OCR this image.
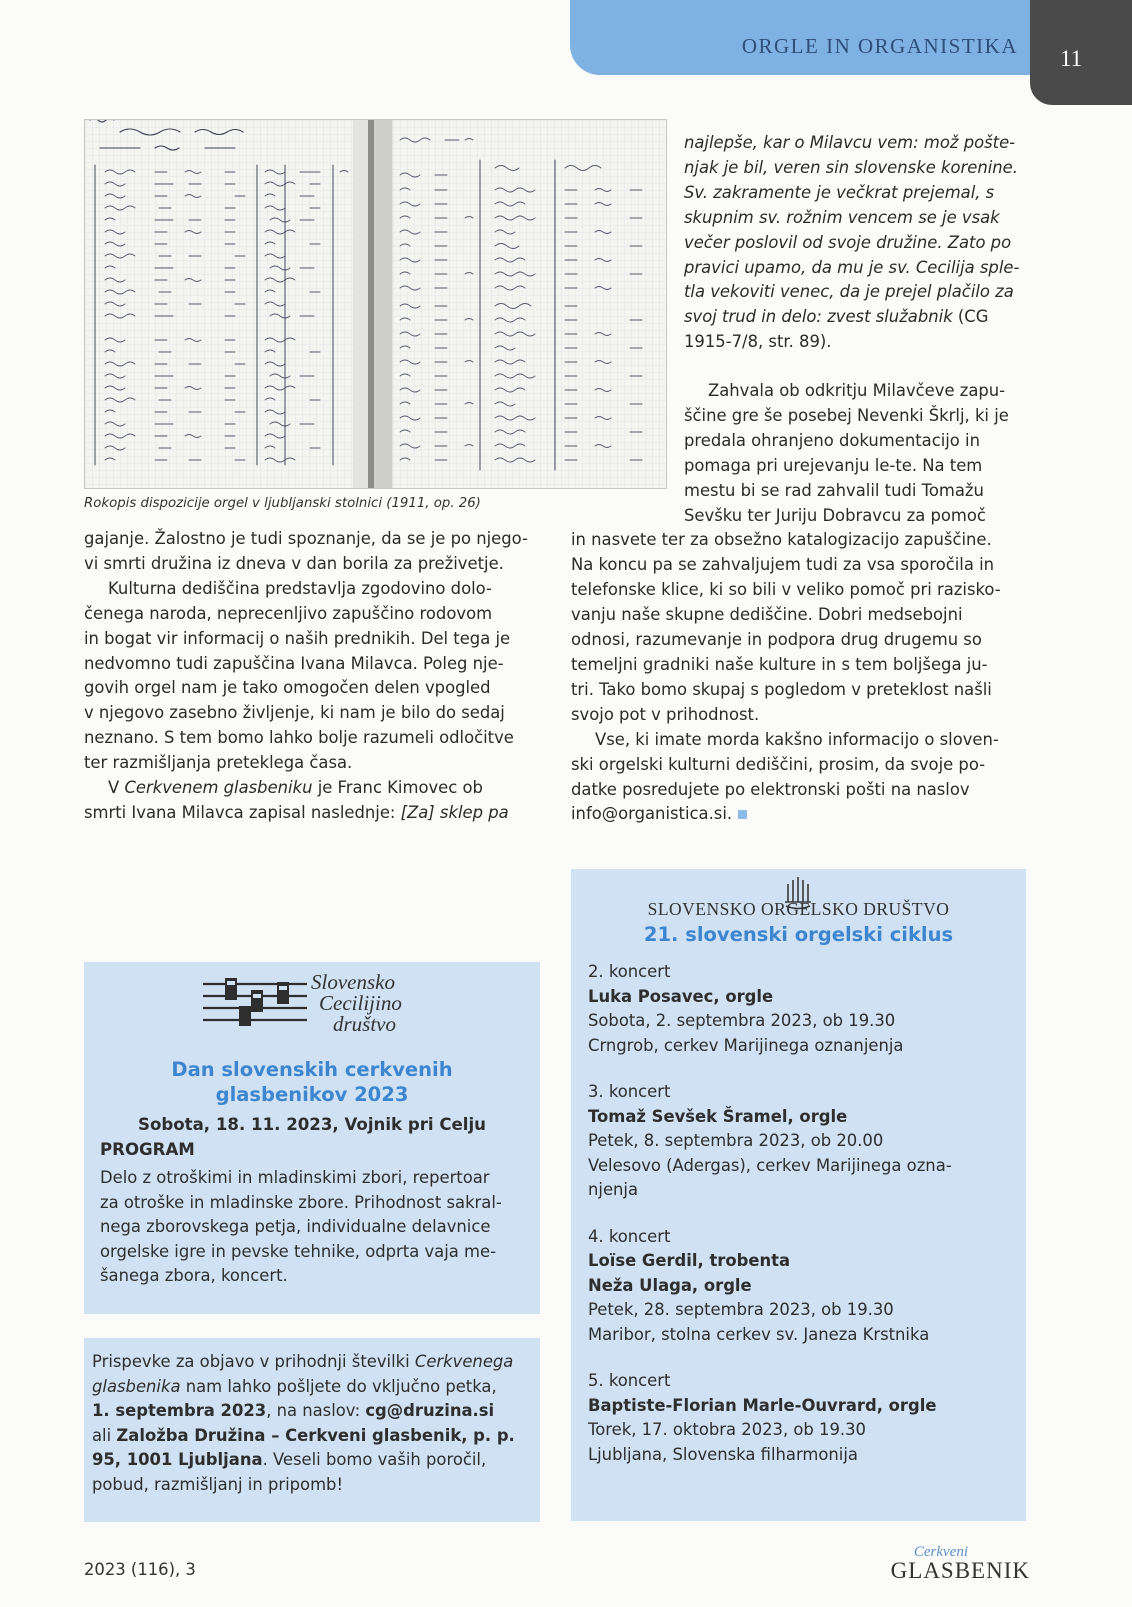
ORGLE IN ORGANISTIKA 11
Rokopis dispozicije orgel v ljubljanski stolnici (1911, op. 26)
najlepše, kar o Milavcu vem: mož pošte-
njak je bil, veren sin slovenske korenine.
Sv. zakramente je večkrat prejemal, s
skupnim sv. rožnim vencem se je vsak
večer poslovil od svoje družine. Zato po
pravici upamo, da mu je sv. Cecilija sple-
tla vekoviti venec, da je prejel plačilo za
svoj trud in delo: zvest služabnik (CG 1915-7/8, str. 89).
Zahvala ob odkritju Milavčeve zapu-
ščine gre še posebej Nevenki Škrlj, ki je
predala ohranjeno dokumentacijo in
pomaga pri urejevanju le-te. Na tem
mestu bi se rad zahvalil tudi Tomažu
Sevšku ter Juriju Dobravcu za pomoč
in nasvete ter za obsežno katalogizacijo zapuščine.
Na koncu pa se zahvaljujem tudi za vsa sporočila in
telefonske klice, ki so bili v veliko pomoč pri razisko-
vanju naše skupne dediščine. Dobri medsebojni
odnosi, razumevanje in podpora drug drugemu so
temeljni gradniki naše kulture in s tem boljšega ju-
tri. Tako bomo skupaj s pogledom v preteklost našli
svojo pot v prihodnost.
Vse, ki imate morda kakšno informacijo o sloven-
ski orgelski kulturni dediščini, prosim, da svoje po-
datke posredujete po elektronski pošti na naslov
info@organistica.si.
gajanje. Žalostno je tudi spoznanje, da se je po njego-
vi smrti družina iz dneva v dan borila za preživetje.
Kulturna dediščina predstavlja zgodovino dolo-
čenega naroda, neprecenljivo zapuščino rodovom
in bogat vir informacij o naših prednikih. Del tega je
nedvomno tudi zapuščina Ivana Milavca. Poleg nje-
govih orgel nam je tako omogočen delen vpogled
v njegovo zasebno življenje, ki nam je bilo do sedaj
neznano. S tem bomo lahko bolje razumeli odločitve
ter razmišljanja preteklega časa.
V Cerkvenem glasbeniku je Franc Kimovec ob
smrti Ivana Milavca zapisal naslednje: [Za] sklep pa
SLOVENSKO ORGELSKO DRUŠTVO
21. slovenski orgelski ciklus
2. koncert
Luka Posavec, orgle
Sobota, 2. septembra 2023, ob 19.30
Crngrob, cerkev Marijinega oznanjenja
3. koncert
Tomaž Sevšek Šramel, orgle
Petek, 8. septembra 2023, ob 20.00
Velesovo (Adergas), cerkev Marijinega ozna-
njenja
4. koncert
Loïse Gerdil, trobenta
Neža Ulaga, orgle
Petek, 28. septembra 2023, ob 19.30
Maribor, stolna cerkev sv. Janeza Krstnika
5. koncert
Baptiste-Florian Marle-Ouvrard, orgle
Torek, 17. oktobra 2023, ob 19.30
Ljubljana, Slovenska filharmonija
Slovensko
Cecilijino
društvo
Dan slovenskih cerkvenih
glasbenikov 2023
Sobota, 18. 11. 2023, Vojnik pri Celju
PROGRAM
Delo z otroškimi in mladinskimi zbori, repertoar
za otroške in mladinske zbore. Prihodnost sakral-
nega zborovskega petja, individualne delavnice
orgelske igre in pevske tehnike, odprta vaja me-
šanega zbora, koncert.
Prispevke za objavo v prihodnji številki Cerkvenega
glasbenika nam lahko pošljete do vključno petka,
1. septembra 2023, na naslov: cg@druzina.si
ali Založba Družina – Cerkveni glasbenik, p. p.
95, 1001 Ljubljana. Veseli bomo vaših poročil,
pobud, razmišljanj in pripomb!
2023 (116), 3
Cerkveni
GLASBENIK
